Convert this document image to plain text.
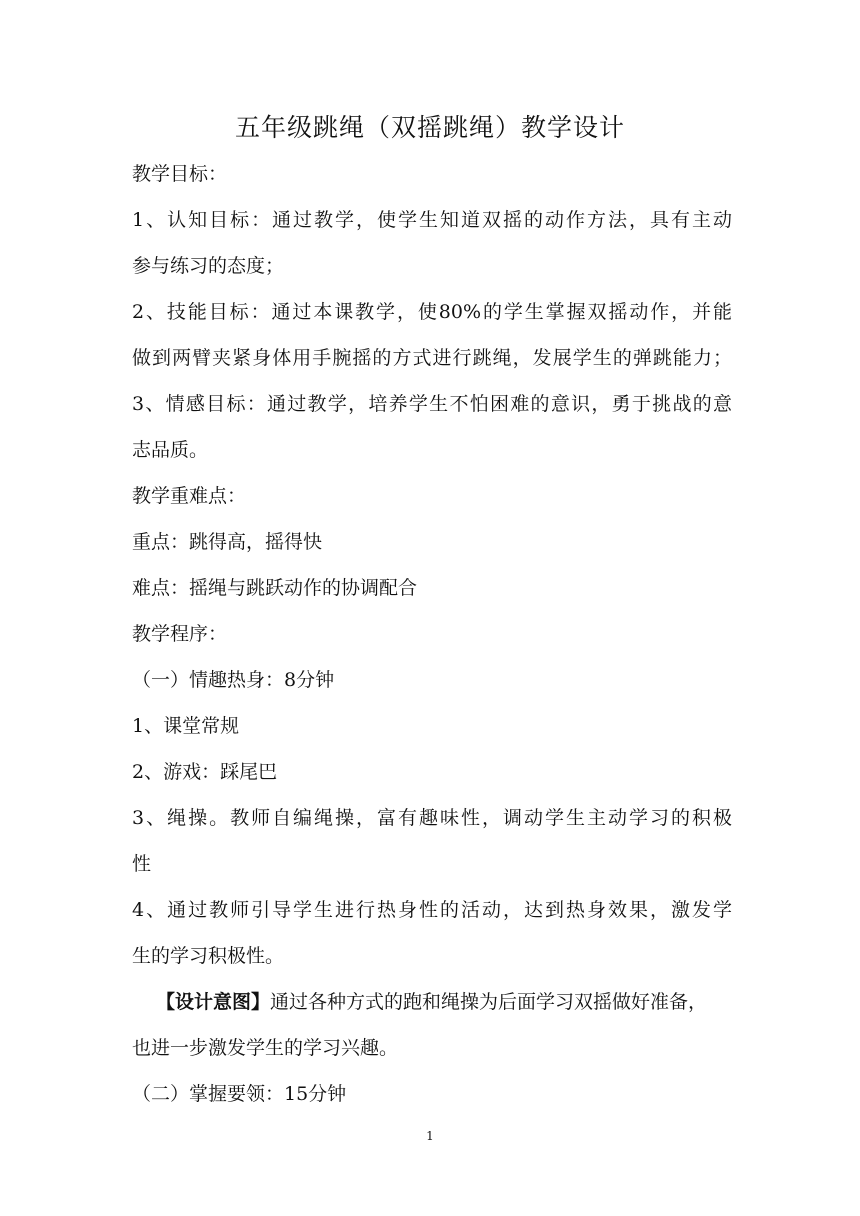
五年级跳绳（双摇跳绳）教学设计
教学目标：
1、认知目标：通过教学，使学生知道双摇的动作方法，具有主动
参与练习的态度；
2、技能目标：通过本课教学，使80%的学生掌握双摇动作，并能
做到两臂夹紧身体用手腕摇的方式进行跳绳，发展学生的弹跳能力；
3、情感目标：通过教学，培养学生不怕困难的意识，勇于挑战的意
志品质。
教学重难点：
重点：跳得高，摇得快
难点：摇绳与跳跃动作的协调配合
教学程序：
（一）情趣热身：8分钟
1、课堂常规
2、游戏：踩尾巴
3、绳操。教师自编绳操，富有趣味性，调动学生主动学习的积极
性
4、通过教师引导学生进行热身性的活动，达到热身效果，激发学
生的学习积极性。
【设计意图】通过各种方式的跑和绳操为后面学习双摇做好准备，
也进一步激发学生的学习兴趣。
（二）掌握要领：15分钟
1
